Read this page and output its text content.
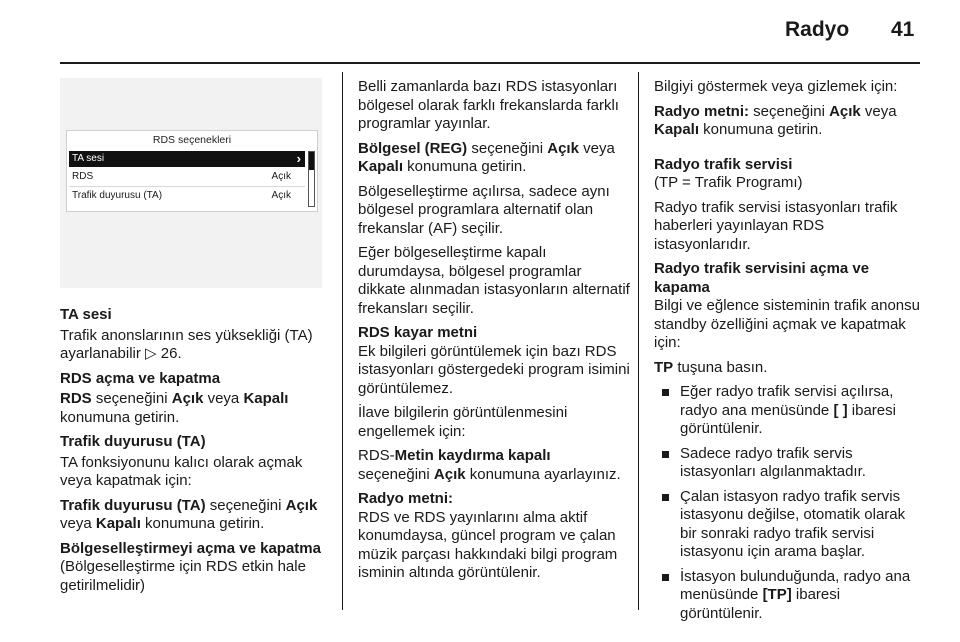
Radyo 41
RDS seçenekleri
TA sesi	›
RDS	Açık
Trafik duyurusu (TA)	Açık

TA sesi

Trafik anonslarının ses yüksekliği (TA) ayarlanabilir ▷ 26.

RDS açma ve kapatma

RDS seçeneğini Açık veya Kapalı konumuna getirin.

Trafik duyurusu (TA)

TA fonksiyonunu kalıcı olarak açmak veya kapatmak için:

Trafik duyurusu (TA) seçeneğini Açık veya Kapalı konumuna getirin.

Bölgeselleştirmeyi açma ve kapatma

(Bölgeselleştirme için RDS etkin hale getirilmelidir)

Belli zamanlarda bazı RDS istasyonları bölgesel olarak farklı frekanslarda farklı programlar yayınlar.

Bölgesel (REG) seçeneğini Açık veya Kapalı konumuna getirin.

Bölgeselleştirme açılırsa, sadece aynı bölgesel programlara alternatif olan frekanslar (AF) seçilir.

Eğer bölgeselleştirme kapalı durumdaysa, bölgesel programlar dikkate alınmadan istasyonların alternatif frekansları seçilir.

RDS kayar metni

Ek bilgileri görüntülemek için bazı RDS istasyonları göstergedeki program isimini görüntülemez.

İlave bilgilerin görüntülenmesini engellemek için:

RDS-Metin kaydırma kapalı
seçeneğini Açık konumuna ayarlayınız.

Radyo metni:

RDS ve RDS yayınlarını alma aktif konumdaysa, güncel program ve çalan müzik parçası hakkındaki bilgi program isminin altında görüntülenir.

Bilgiyi göstermek veya gizlemek için:

Radyo metni: seçeneğini Açık veya Kapalı konumuna getirin.

Radyo trafik servisi

(TP = Trafik Programı)

Radyo trafik servisi istasyonları trafik haberleri yayınlayan RDS istasyonlarıdır.

Radyo trafik servisini açma ve kapama

Bilgi ve eğlence sisteminin trafik anonsu standby özelliğini açmak ve kapatmak için:

TP tuşuna basın.

Eğer radyo trafik servisi açılırsa, radyo ana menüsünde [ ] ibaresi görüntülenir.
Sadece radyo trafik servis istasyonları algılanmaktadır.
Çalan istasyon radyo trafik servis istasyonu değilse, otomatik olarak bir sonraki radyo trafik servisi istasyonu için arama başlar.
İstasyon bulunduğunda, radyo ana menüsünde [TP] ibaresi görüntülenir.
